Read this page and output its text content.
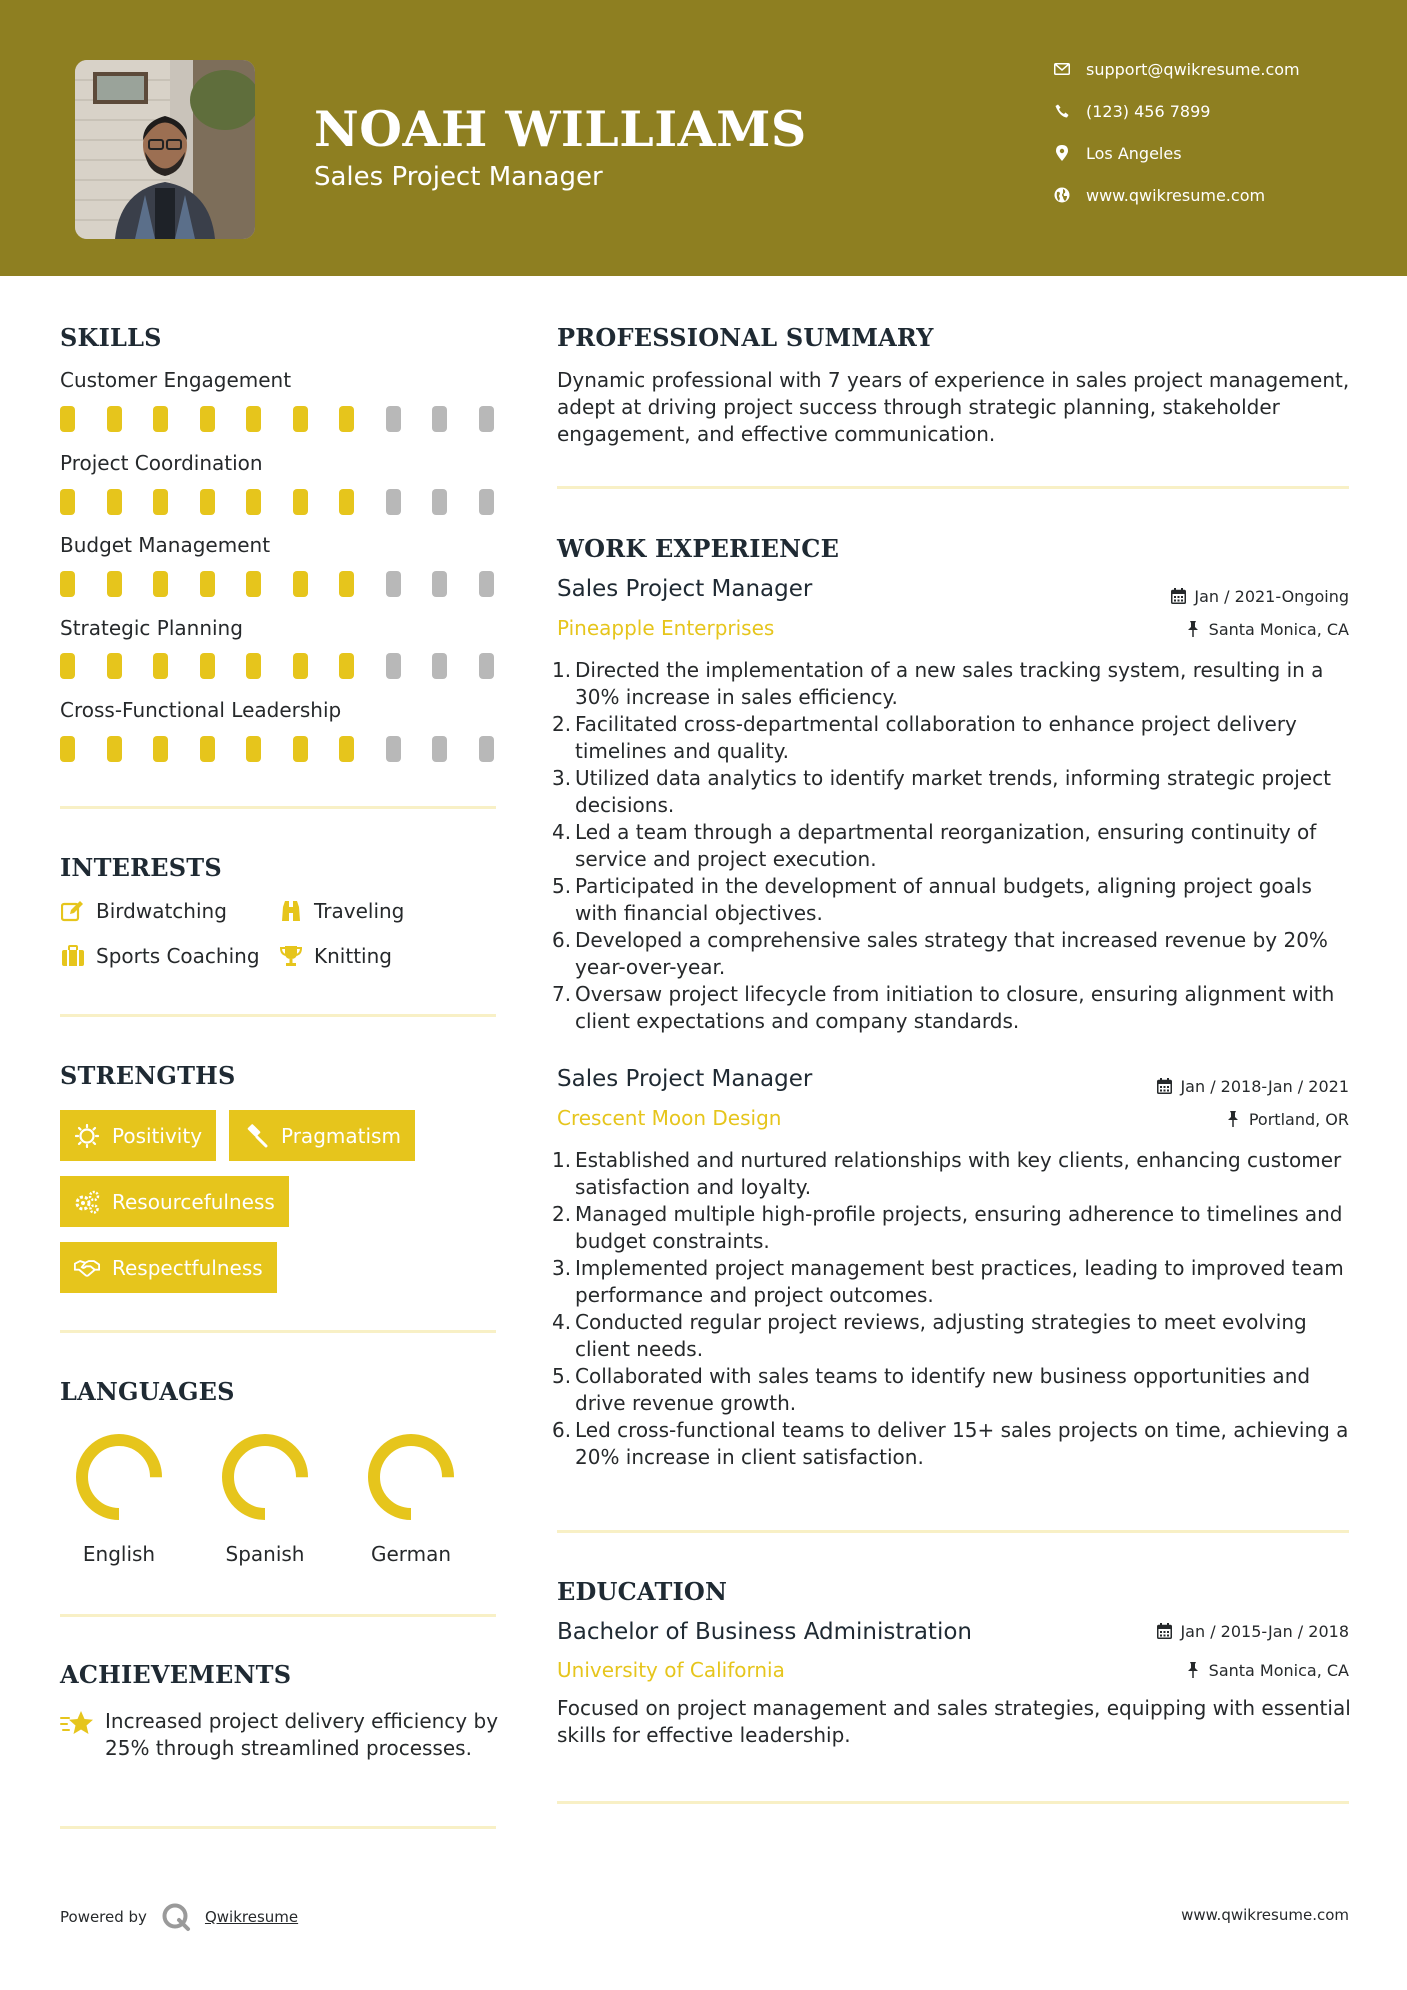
NOAH WILLIAMS
Sales Project Manager
support@qwikresume.com
(123) 456 7899
Los Angeles
www.qwikresume.com
SKILLS
Customer Engagement
Project Coordination
Budget Management
Strategic Planning
Cross-Functional Leadership
INTERESTS
Birdwatching	Traveling
Sports Coaching	Knitting
STRENGTHS
Positivity	Pragmatism
Resourcefulness
Respectfulness
LANGUAGES
English	Spanish	German
ACHIEVEMENTS
Increased project delivery efficiency by 25% through streamlined processes.
PROFESSIONAL SUMMARY
Dynamic professional with 7 years of experience in sales project management, adept at driving project success through strategic planning, stakeholder engagement, and effective communication.
WORK EXPERIENCE
Sales Project Manager	Jan / 2021-Ongoing
Pineapple Enterprises	Santa Monica, CA
1. Directed the implementation of a new sales tracking system, resulting in a 30% increase in sales efficiency.
2. Facilitated cross-departmental collaboration to enhance project delivery timelines and quality.
3. Utilized data analytics to identify market trends, informing strategic project decisions.
4. Led a team through a departmental reorganization, ensuring continuity of service and project execution.
5. Participated in the development of annual budgets, aligning project goals with financial objectives.
6. Developed a comprehensive sales strategy that increased revenue by 20% year-over-year.
7. Oversaw project lifecycle from initiation to closure, ensuring alignment with client expectations and company standards.
Sales Project Manager	Jan / 2018-Jan / 2021
Crescent Moon Design	Portland, OR
1. Established and nurtured relationships with key clients, enhancing customer satisfaction and loyalty.
2. Managed multiple high-profile projects, ensuring adherence to timelines and budget constraints.
3. Implemented project management best practices, leading to improved team performance and project outcomes.
4. Conducted regular project reviews, adjusting strategies to meet evolving client needs.
5. Collaborated with sales teams to identify new business opportunities and drive revenue growth.
6. Led cross-functional teams to deliver 15+ sales projects on time, achieving a 20% increase in client satisfaction.
EDUCATION
Bachelor of Business Administration	Jan / 2015-Jan / 2018
University of California	Santa Monica, CA
Focused on project management and sales strategies, equipping with essential skills for effective leadership.
Powered by	Qwikresume	www.qwikresume.com
